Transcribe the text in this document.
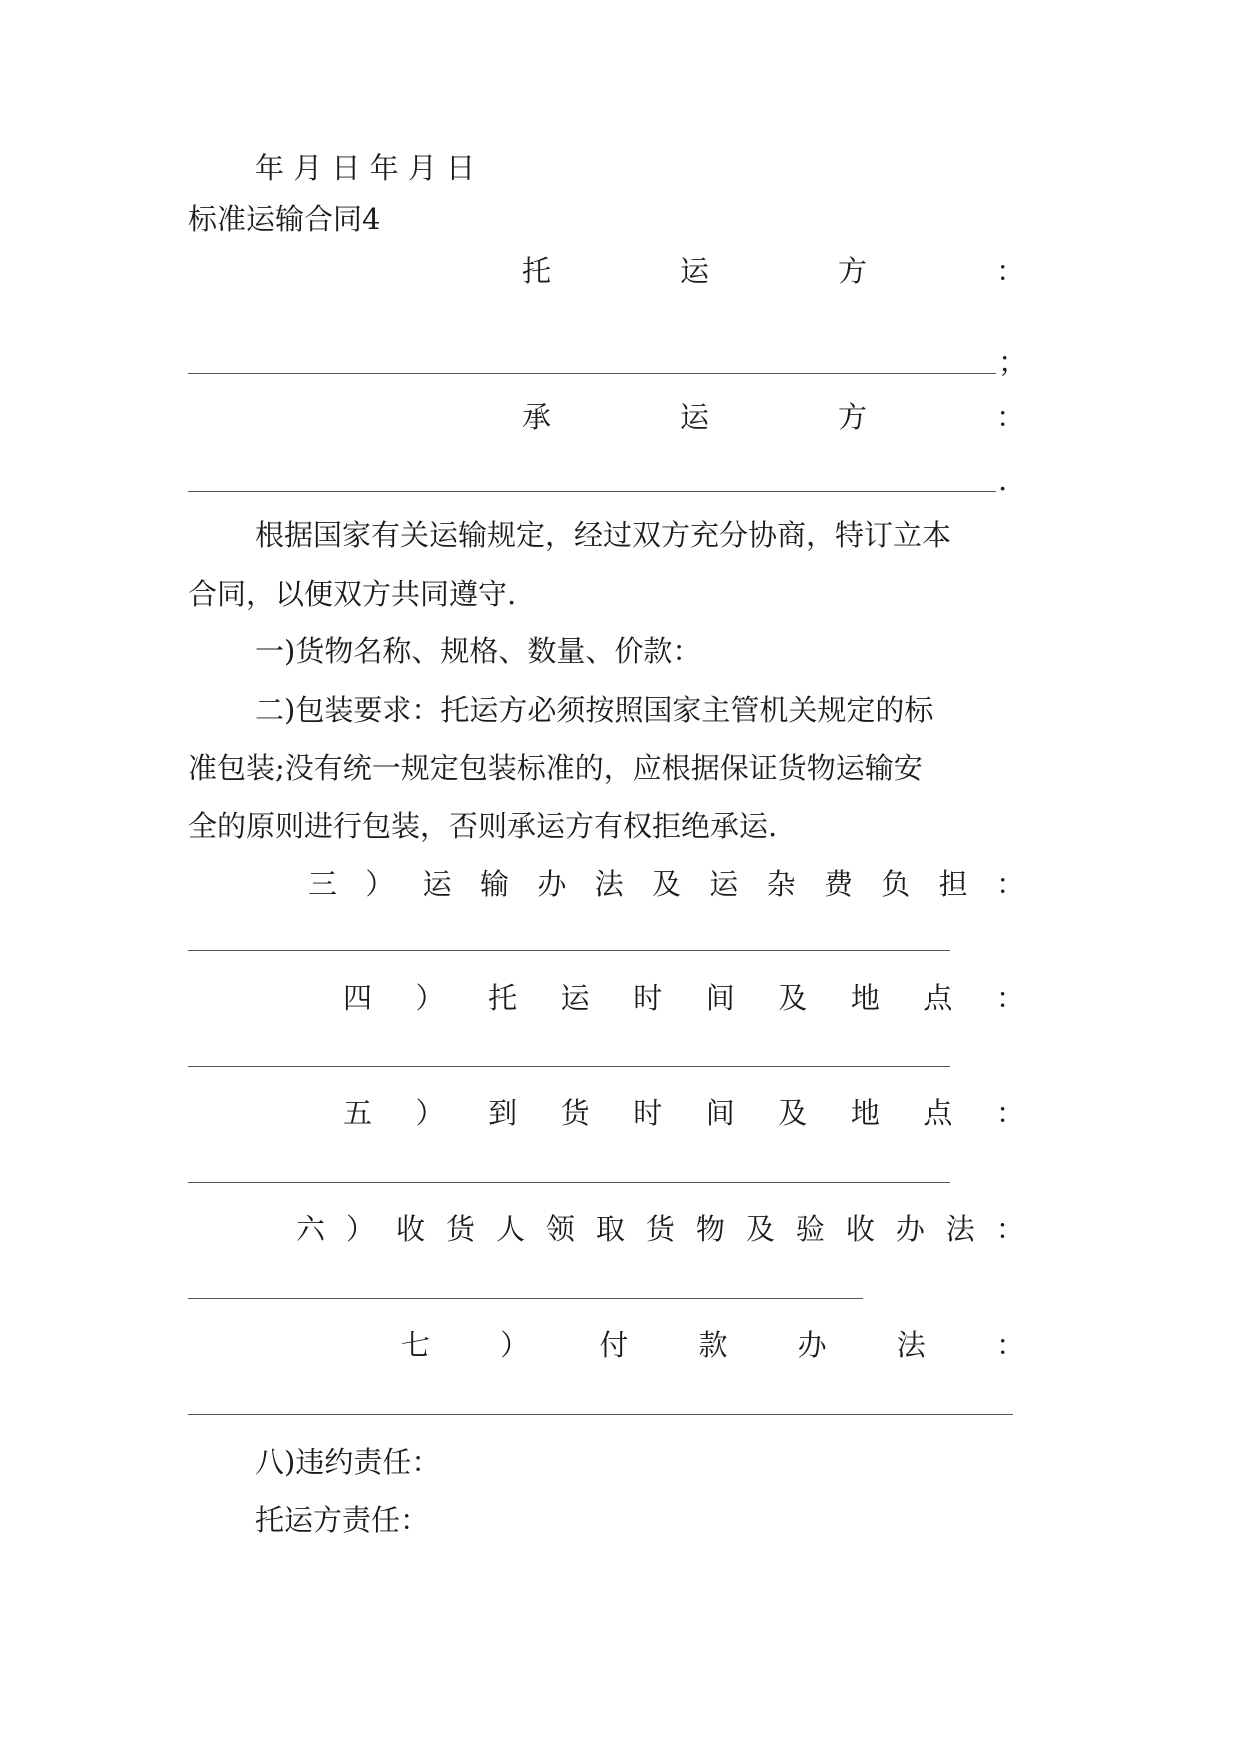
年 月 日 年 月 日
标准运输合同4
托	运	方	：
；
承	运	方	：
.
根据国家有关运输规定，经过双方充分协商，特订立本
合同，以便双方共同遵守.
一)货物名称、规格、数量、价款：
二)包装要求：托运方必须按照国家主管机关规定的标
准包装;没有统一规定包装标准的，应根据保证货物运输安
全的原则进行包装，否则承运方有权拒绝承运.
三 ） 运 输 办 法 及 运 杂 费 负 担 ：
四 ） 托 运 时 间 及 地 点 ：
五 ） 到 货 时 间 及 地 点 ：
六 ） 收 货 人 领 取 货 物 及 验 收 办 法 ：
七 ） 付 款 办 法 ：
八)违约责任：
托运方责任：
